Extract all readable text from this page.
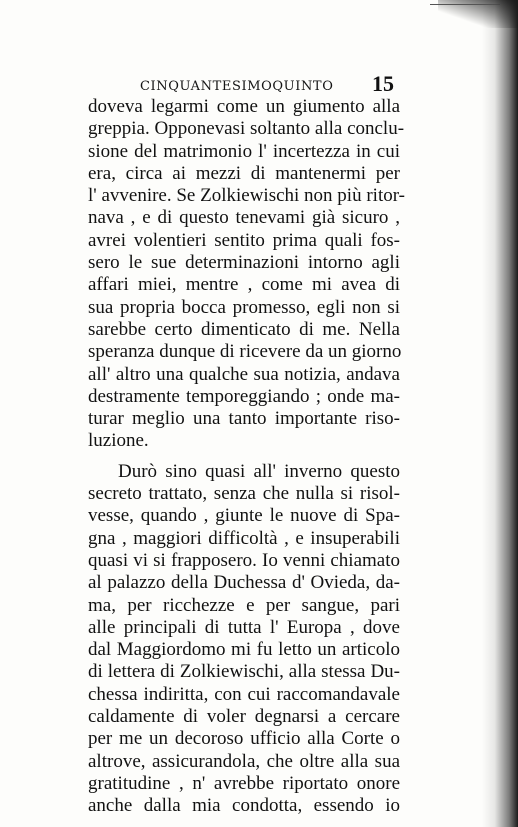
CINQUANTESIMOQUINTO	15
doveva legarmi come un giumento alla
greppia. Opponevasi soltanto alla conclu-
sione del matrimonio l' incertezza in cui
era, circa ai mezzi di mantenermi per
l' avvenire. Se Zolkiewischi non più ritor-
nava , e di questo tenevami già sicuro ,
avrei volentieri sentito prima quali fos-
sero le sue determinazioni intorno agli
affari miei, mentre , come mi avea di
sua propria bocca promesso, egli non si
sarebbe certo dimenticato di me. Nella
speranza dunque di ricevere da un giorno
all' altro una qualche sua notizia, andava
destramente temporeggiando ; onde ma-
turar meglio una tanto importante riso-
luzione.
Durò sino quasi all' inverno questo
secreto trattato, senza che nulla si risol-
vesse, quando , giunte le nuove di Spa-
gna , maggiori difficoltà , e insuperabili
quasi vi si frapposero. Io venni chiamato
al palazzo della Duchessa d' Ovieda, da-
ma, per ricchezze e per sangue, pari
alle principali di tutta l' Europa , dove
dal Maggiordomo mi fu letto un articolo
di lettera di Zolkiewischi, alla stessa Du-
chessa indiritta, con cui raccomandavale
caldamente di voler degnarsi a cercare
per me un decoroso ufficio alla Corte o
altrove, assicurandola, che oltre alla sua
gratitudine , n' avrebbe riportato onore
anche dalla mia condotta, essendo io
